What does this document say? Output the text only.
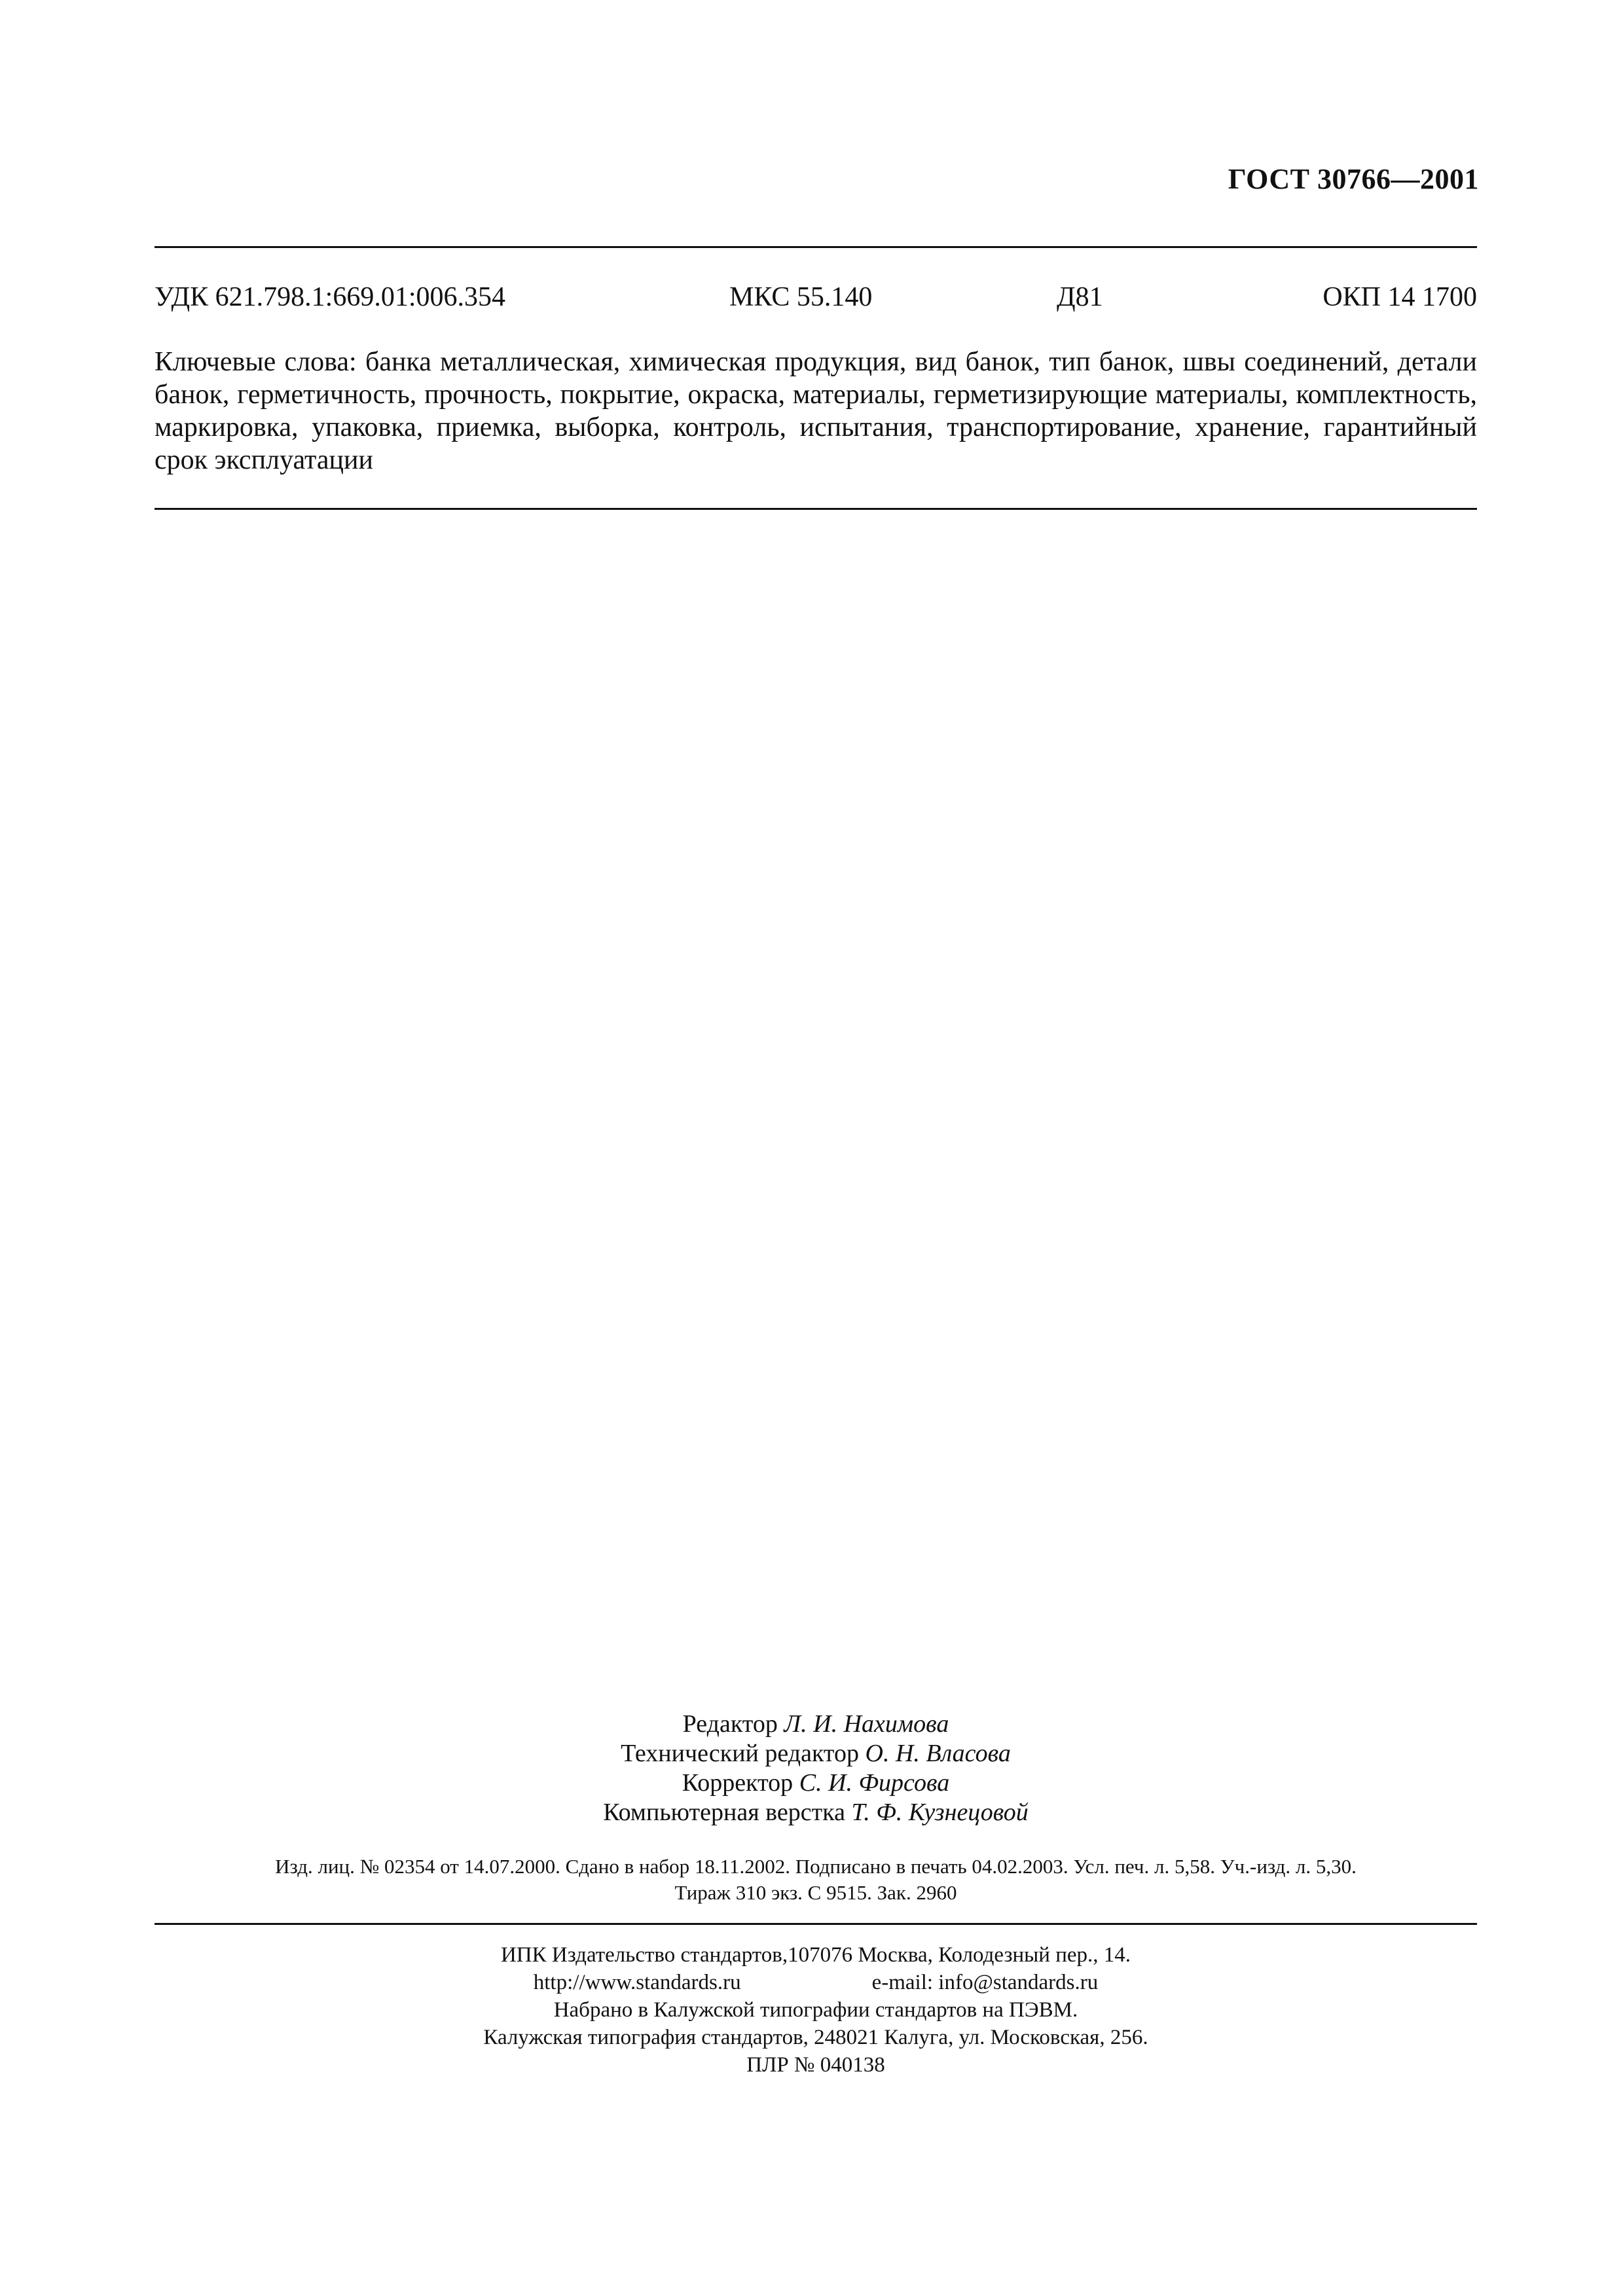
ГОСТ 30766—2001
УДК 621.798.1:669.01:006.354	МКС 55.140	Д81	ОКП 14 1700

Ключевые слова: банка металлическая, химическая продукция, вид банок, тип банок, швы соединений, детали банок, герметичность, прочность, покрытие, окраска, материалы, герметизирующие материалы, комплектность, маркировка, упаковка, приемка, выборка, контроль, испытания, транспортирование, хранение, гарантийный срок эксплуатации

Редактор Л. И. Нахимова
Технический редактор О. Н. Власова
Корректор С. И. Фирсова
Компьютерная верстка Т. Ф. Кузнецовой
Изд. лиц. № 02354 от 14.07.2000. Сдано в набор 18.11.2002. Подписано в печать 04.02.2003. Усл. печ. л. 5,58. Уч.-изд. л. 5,30.
Тираж 310 экз. С 9515. Зак. 2960
ИПК Издательство стандартов,107076 Москва, Колодезный пер., 14.
http://www.standards.ru	e-mail: info@standards.ru
Набрано в Калужской типографии стандартов на ПЭВМ.
Калужская типография стандартов, 248021 Калуга, ул. Московская, 256.
ПЛР № 040138
